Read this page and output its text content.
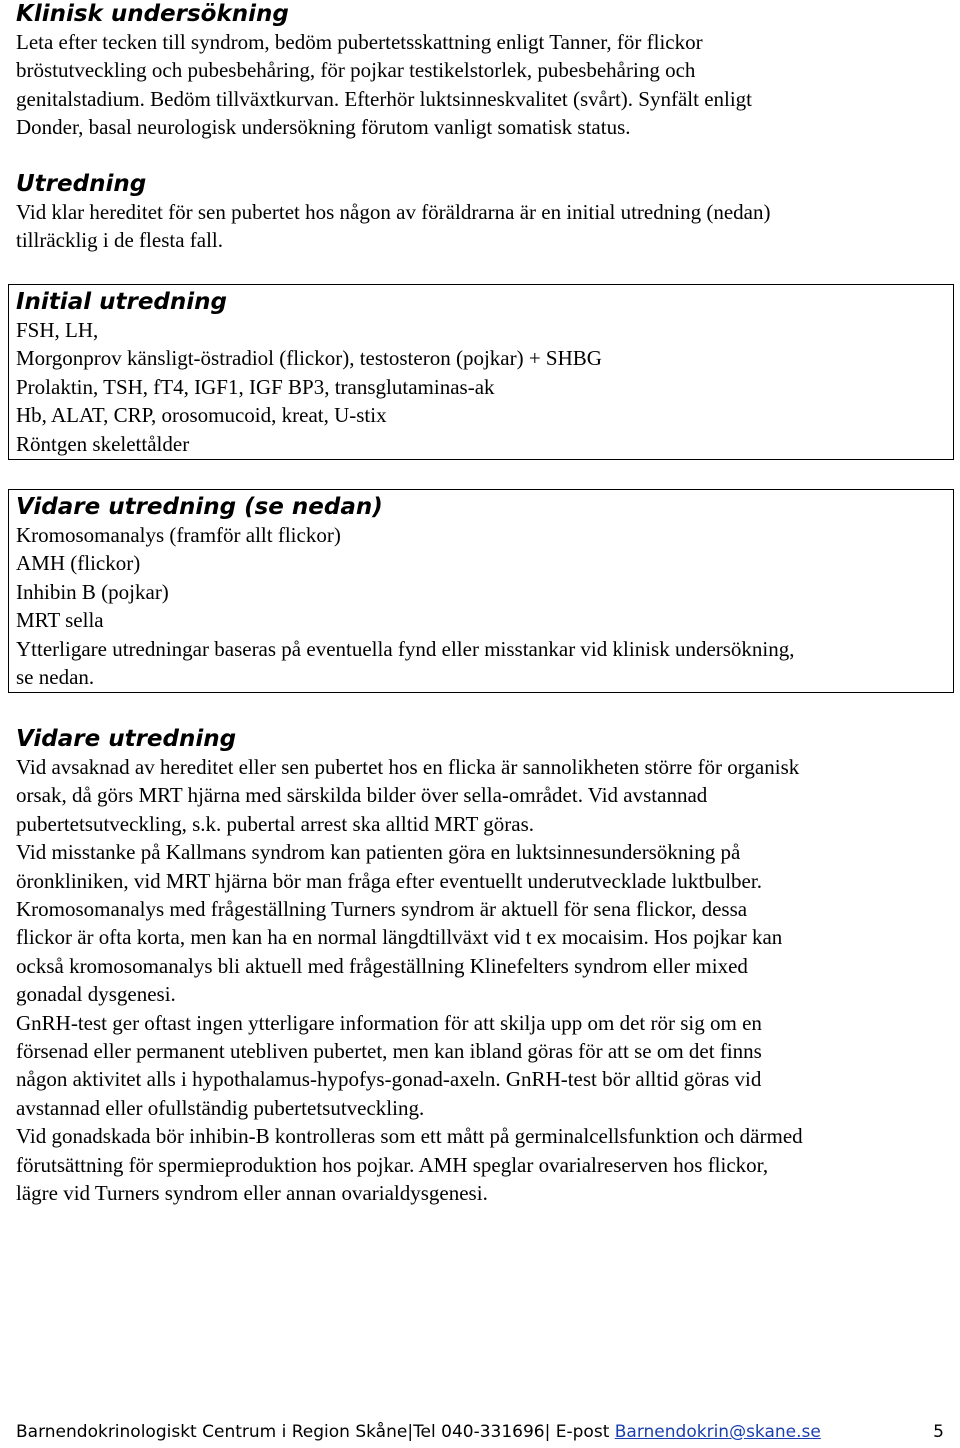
Klinisk undersökning

Leta efter tecken till syndrom, bedöm pubertetsskattning enligt Tanner, för flickor
bröstutveckling och pubesbehåring, för pojkar testikelstorlek, pubesbehåring och
genitalstadium. Bedöm tillväxtkurvan. Efterhör luktsinneskvalitet (svårt). Synfält enligt
Donder, basal neurologisk undersökning förutom vanligt somatisk status.

Utredning

Vid klar hereditet för sen pubertet hos någon av föräldrarna är en initial utredning (nedan)
tillräcklig i de flesta fall.

Initial utredning

FSH, LH,
Morgonprov känsligt-östradiol (flickor), testosteron (pojkar) + SHBG
Prolaktin, TSH, fT4, IGF1, IGF BP3, transglutaminas-ak
Hb, ALAT, CRP, orosomucoid, kreat, U-stix
Röntgen skelettålder

Vidare utredning (se nedan)

Kromosomanalys (framför allt flickor)
AMH (flickor)
Inhibin B (pojkar)
MRT sella
Ytterligare utredningar baseras på eventuella fynd eller misstankar vid klinisk undersökning,
se nedan.

Vidare utredning

Vid avsaknad av hereditet eller sen pubertet hos en flicka är sannolikheten större för organisk
orsak, då görs MRT hjärna med särskilda bilder över sella-området. Vid avstannad
pubertetsutveckling, s.k. pubertal arrest ska alltid MRT göras.
Vid misstanke på Kallmans syndrom kan patienten göra en luktsinnesundersökning på
öronkliniken, vid MRT hjärna bör man fråga efter eventuellt underutvecklade luktbulber.
Kromosomanalys med frågeställning Turners syndrom är aktuell för sena flickor, dessa
flickor är ofta korta, men kan ha en normal längdtillväxt vid t ex mocaisim. Hos pojkar kan
också kromosomanalys bli aktuell med frågeställning Klinefelters syndrom eller mixed
gonadal dysgenesi.
GnRH-test ger oftast ingen ytterligare information för att skilja upp om det rör sig om en
försenad eller permanent utebliven pubertet, men kan ibland göras för att se om det finns
någon aktivitet alls i hypothalamus-hypofys-gonad-axeln. GnRH-test bör alltid göras vid
avstannad eller ofullständig pubertetsutveckling.
Vid gonadskada bör inhibin-B kontrolleras som ett mått på germinalcellsfunktion och därmed
förutsättning för spermieproduktion hos pojkar. AMH speglar ovarialreserven hos flickor,
lägre vid Turners syndrom eller annan ovarialdysgenesi.

Barnendokrinologiskt Centrum i Region Skåne|Tel 040-331696| E-post Barnendokrin@skane.se	5
